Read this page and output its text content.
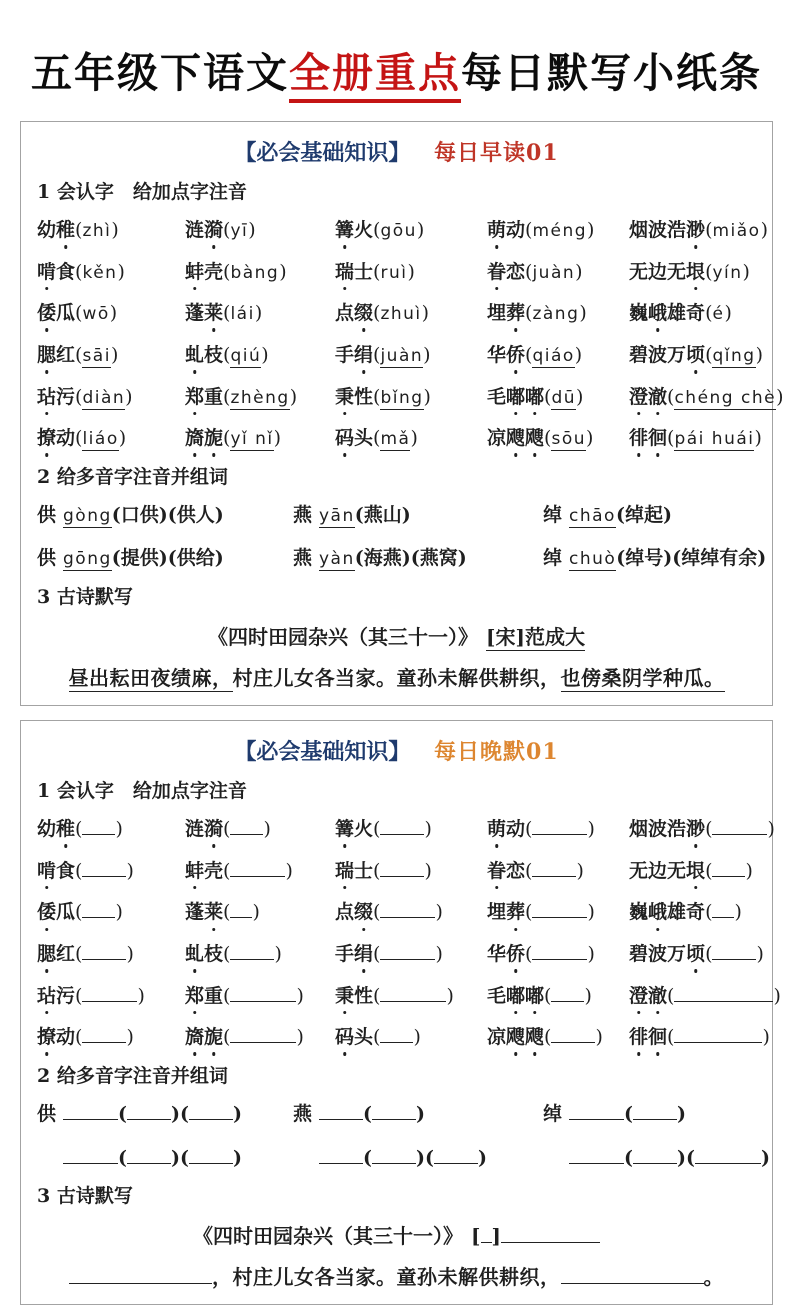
五年级下语文全册重点每日默写小纸条
【必会基础知识】 每日早读01
1 会认字　给加点字注音
幼稚(zhì)	涟漪(yī)	篝火(gōu)	萌动(méng)	烟波浩渺(miǎo)
啃食(kěn)	蚌壳(bàng)	瑞士(ruì)	眷恋(juàn)	无边无垠(yín)
倭瓜(wō)	蓬莱(lái)	点缀(zhuì)	埋葬(zàng)	巍峨雄奇(é)
腮红(sāi)	虬枝(qiú)	手绢(juàn)	华侨(qiáo)	碧波万顷(qǐng)
玷污(diàn)	郑重(zhèng)	秉性(bǐng)	毛嘟嘟(dū)	澄澈(chéng chè)
撩动(liáo)	旖旎(yǐ nǐ)	码头(mǎ)	凉飕飕(sōu)	徘徊(pái huái)
2 给多音字注音并组词
供 gòng(口供)(供人)	燕 yān(燕山)	绰 chāo(绰起)
供 gōng(提供)(供给)	燕 yàn(海燕)(燕窝)	绰 chuò(绰号)(绰绰有余)
3 古诗默写
《四时田园杂兴（其三十一）》 [宋]范成大
昼出耘田夜绩麻，村庄儿女各当家。童孙未解供耕织，也傍桑阴学种瓜。
【必会基础知识】 每日晚默01
1 会认字　给加点字注音
幼稚( )	涟漪( )	篝火( )	萌动(	)	烟波浩渺(	)
啃食( )	蚌壳(	)	瑞士( )	眷恋( )	无边无垠( )
倭瓜( )	蓬莱( )	点缀(	)	埋葬(	)	巍峨雄奇( )
腮红( )	虬枝( )	手绢(	)	华侨(	)	碧波万顷( )
玷污(	)	郑重(	)	秉性(	)	毛嘟嘟( )	澄澈(	)
撩动( )	旖旎(	)	码头( )	凉飕飕( )	徘徊(	)
2 给多音字注音并组词
供	( )( )	燕	( )	绰	( )
( )( )	( )( )	( )(	)
3 古诗默写
《四时田园杂兴（其三十一）》 [ ]
，村庄儿女各当家。童孙未解供耕织，	。
